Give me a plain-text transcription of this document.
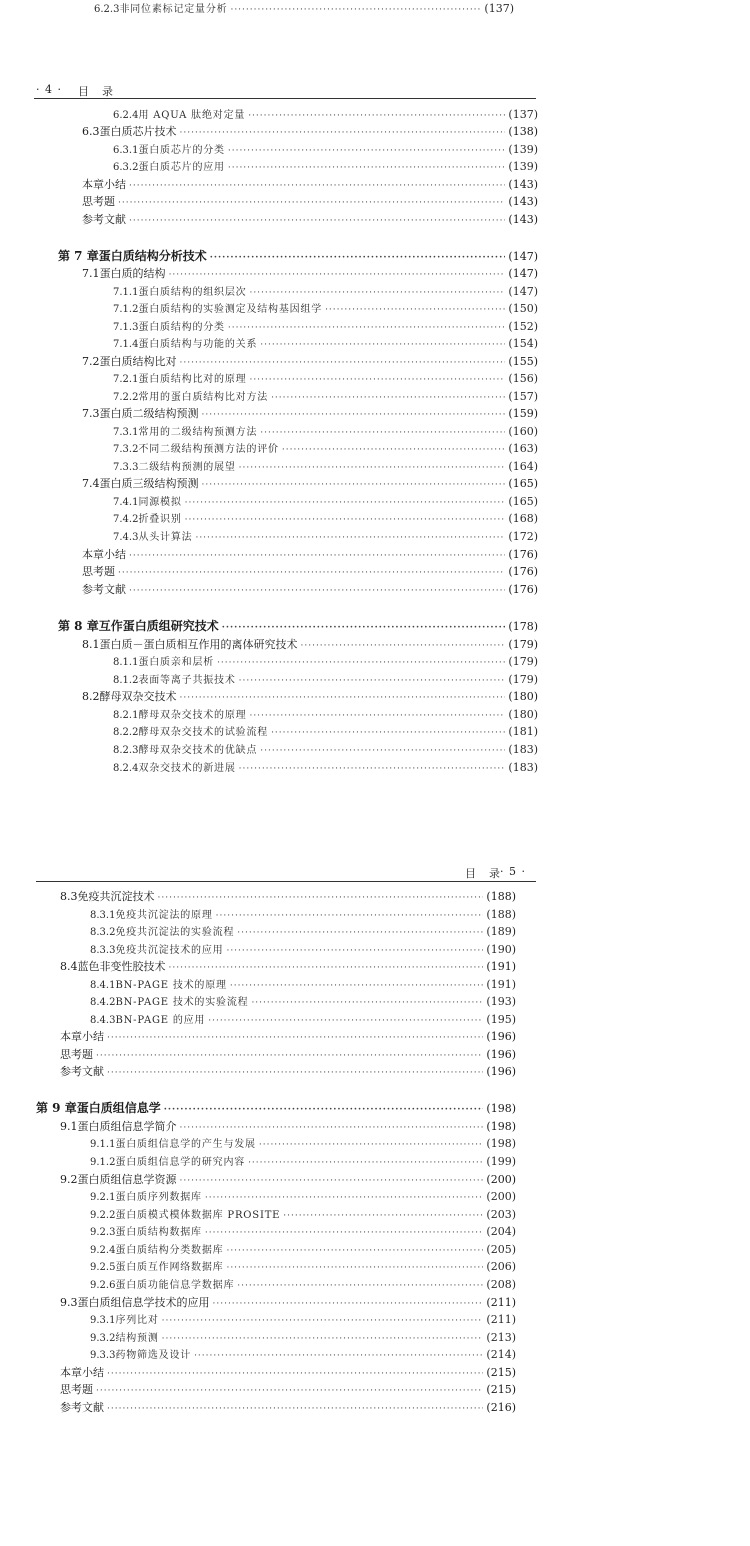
6.2.3 非同位素标记定量分析 ·····	(137)
· 4 · 目　录
6.2.4 用 AQUA 肽绝对定量 ·····	(137)
6.3 蛋白质芯片技术 ·····	(138)
6.3.1 蛋白质芯片的分类 ·····	(139)
6.3.2 蛋白质芯片的应用 ·····	(139)
本章小结 ·····	(143)
思考题 ·····	(143)
参考文献 ·····	(143)
第 7 章 蛋白质结构分析技术 ·····	(147)
7.1 蛋白质的结构 ·····	(147)
7.1.1 蛋白质结构的组织层次 ·····	(147)
7.1.2 蛋白质结构的实验测定及结构基因组学 ·····	(150)
7.1.3 蛋白质结构的分类 ·····	(152)
7.1.4 蛋白质结构与功能的关系 ·····	(154)
7.2 蛋白质结构比对 ·····	(155)
7.2.1 蛋白质结构比对的原理 ·····	(156)
7.2.2 常用的蛋白质结构比对方法 ·····	(157)
7.3 蛋白质二级结构预测 ·····	(159)
7.3.1 常用的二级结构预测方法 ·····	(160)
7.3.2 不同二级结构预测方法的评价 ·····	(163)
7.3.3 二级结构预测的展望 ·····	(164)
7.4 蛋白质三级结构预测 ·····	(165)
7.4.1 同源模拟 ·····	(165)
7.4.2 折叠识别 ·····	(168)
7.4.3 从头计算法 ·····	(172)
本章小结 ·····	(176)
思考题 ·····	(176)
参考文献 ·····	(176)
第 8 章 互作蛋白质组研究技术 ·····	(178)
8.1 蛋白质－蛋白质相互作用的离体研究技术 ·····	(179)
8.1.1 蛋白质亲和层析 ·····	(179)
8.1.2 表面等离子共振技术 ·····	(179)
8.2 酵母双杂交技术 ·····	(180)
8.2.1 酵母双杂交技术的原理 ·····	(180)
8.2.2 酵母双杂交技术的试验流程 ·····	(181)
8.2.3 酵母双杂交技术的优缺点 ·····	(183)
8.2.4 双杂交技术的新进展 ·····	(183)
目　录 · 5 ·
8.3 免疫共沉淀技术 ·····	(188)
8.3.1 免疫共沉淀法的原理 ·····	(188)
8.3.2 免疫共沉淀法的实验流程 ·····	(189)
8.3.3 免疫共沉淀技术的应用 ·····	(190)
8.4 蓝色非变性胶技术 ·····	(191)
8.4.1 BN-PAGE 技术的原理 ·····	(191)
8.4.2 BN-PAGE 技术的实验流程 ·····	(193)
8.4.3 BN-PAGE 的应用 ·····	(195)
本章小结 ·····	(196)
思考题 ·····	(196)
参考文献 ·····	(196)
第 9 章 蛋白质组信息学 ·····	(198)
9.1 蛋白质组信息学简介 ·····	(198)
9.1.1 蛋白质组信息学的产生与发展 ·····	(198)
9.1.2 蛋白质组信息学的研究内容 ·····	(199)
9.2 蛋白质组信息学资源 ·····	(200)
9.2.1 蛋白质序列数据库 ·····	(200)
9.2.2 蛋白质模式模体数据库 PROSITE ·····	(203)
9.2.3 蛋白质结构数据库 ·····	(204)
9.2.4 蛋白质结构分类数据库 ·····	(205)
9.2.5 蛋白质互作网络数据库 ·····	(206)
9.2.6 蛋白质功能信息学数据库 ·····	(208)
9.3 蛋白质组信息学技术的应用 ·····	(211)
9.3.1 序列比对 ·····	(211)
9.3.2 结构预测 ·····	(213)
9.3.3 药物筛选及设计 ·····	(214)
本章小结 ·····	(215)
思考题 ·····	(215)
参考文献 ·····	(216)
